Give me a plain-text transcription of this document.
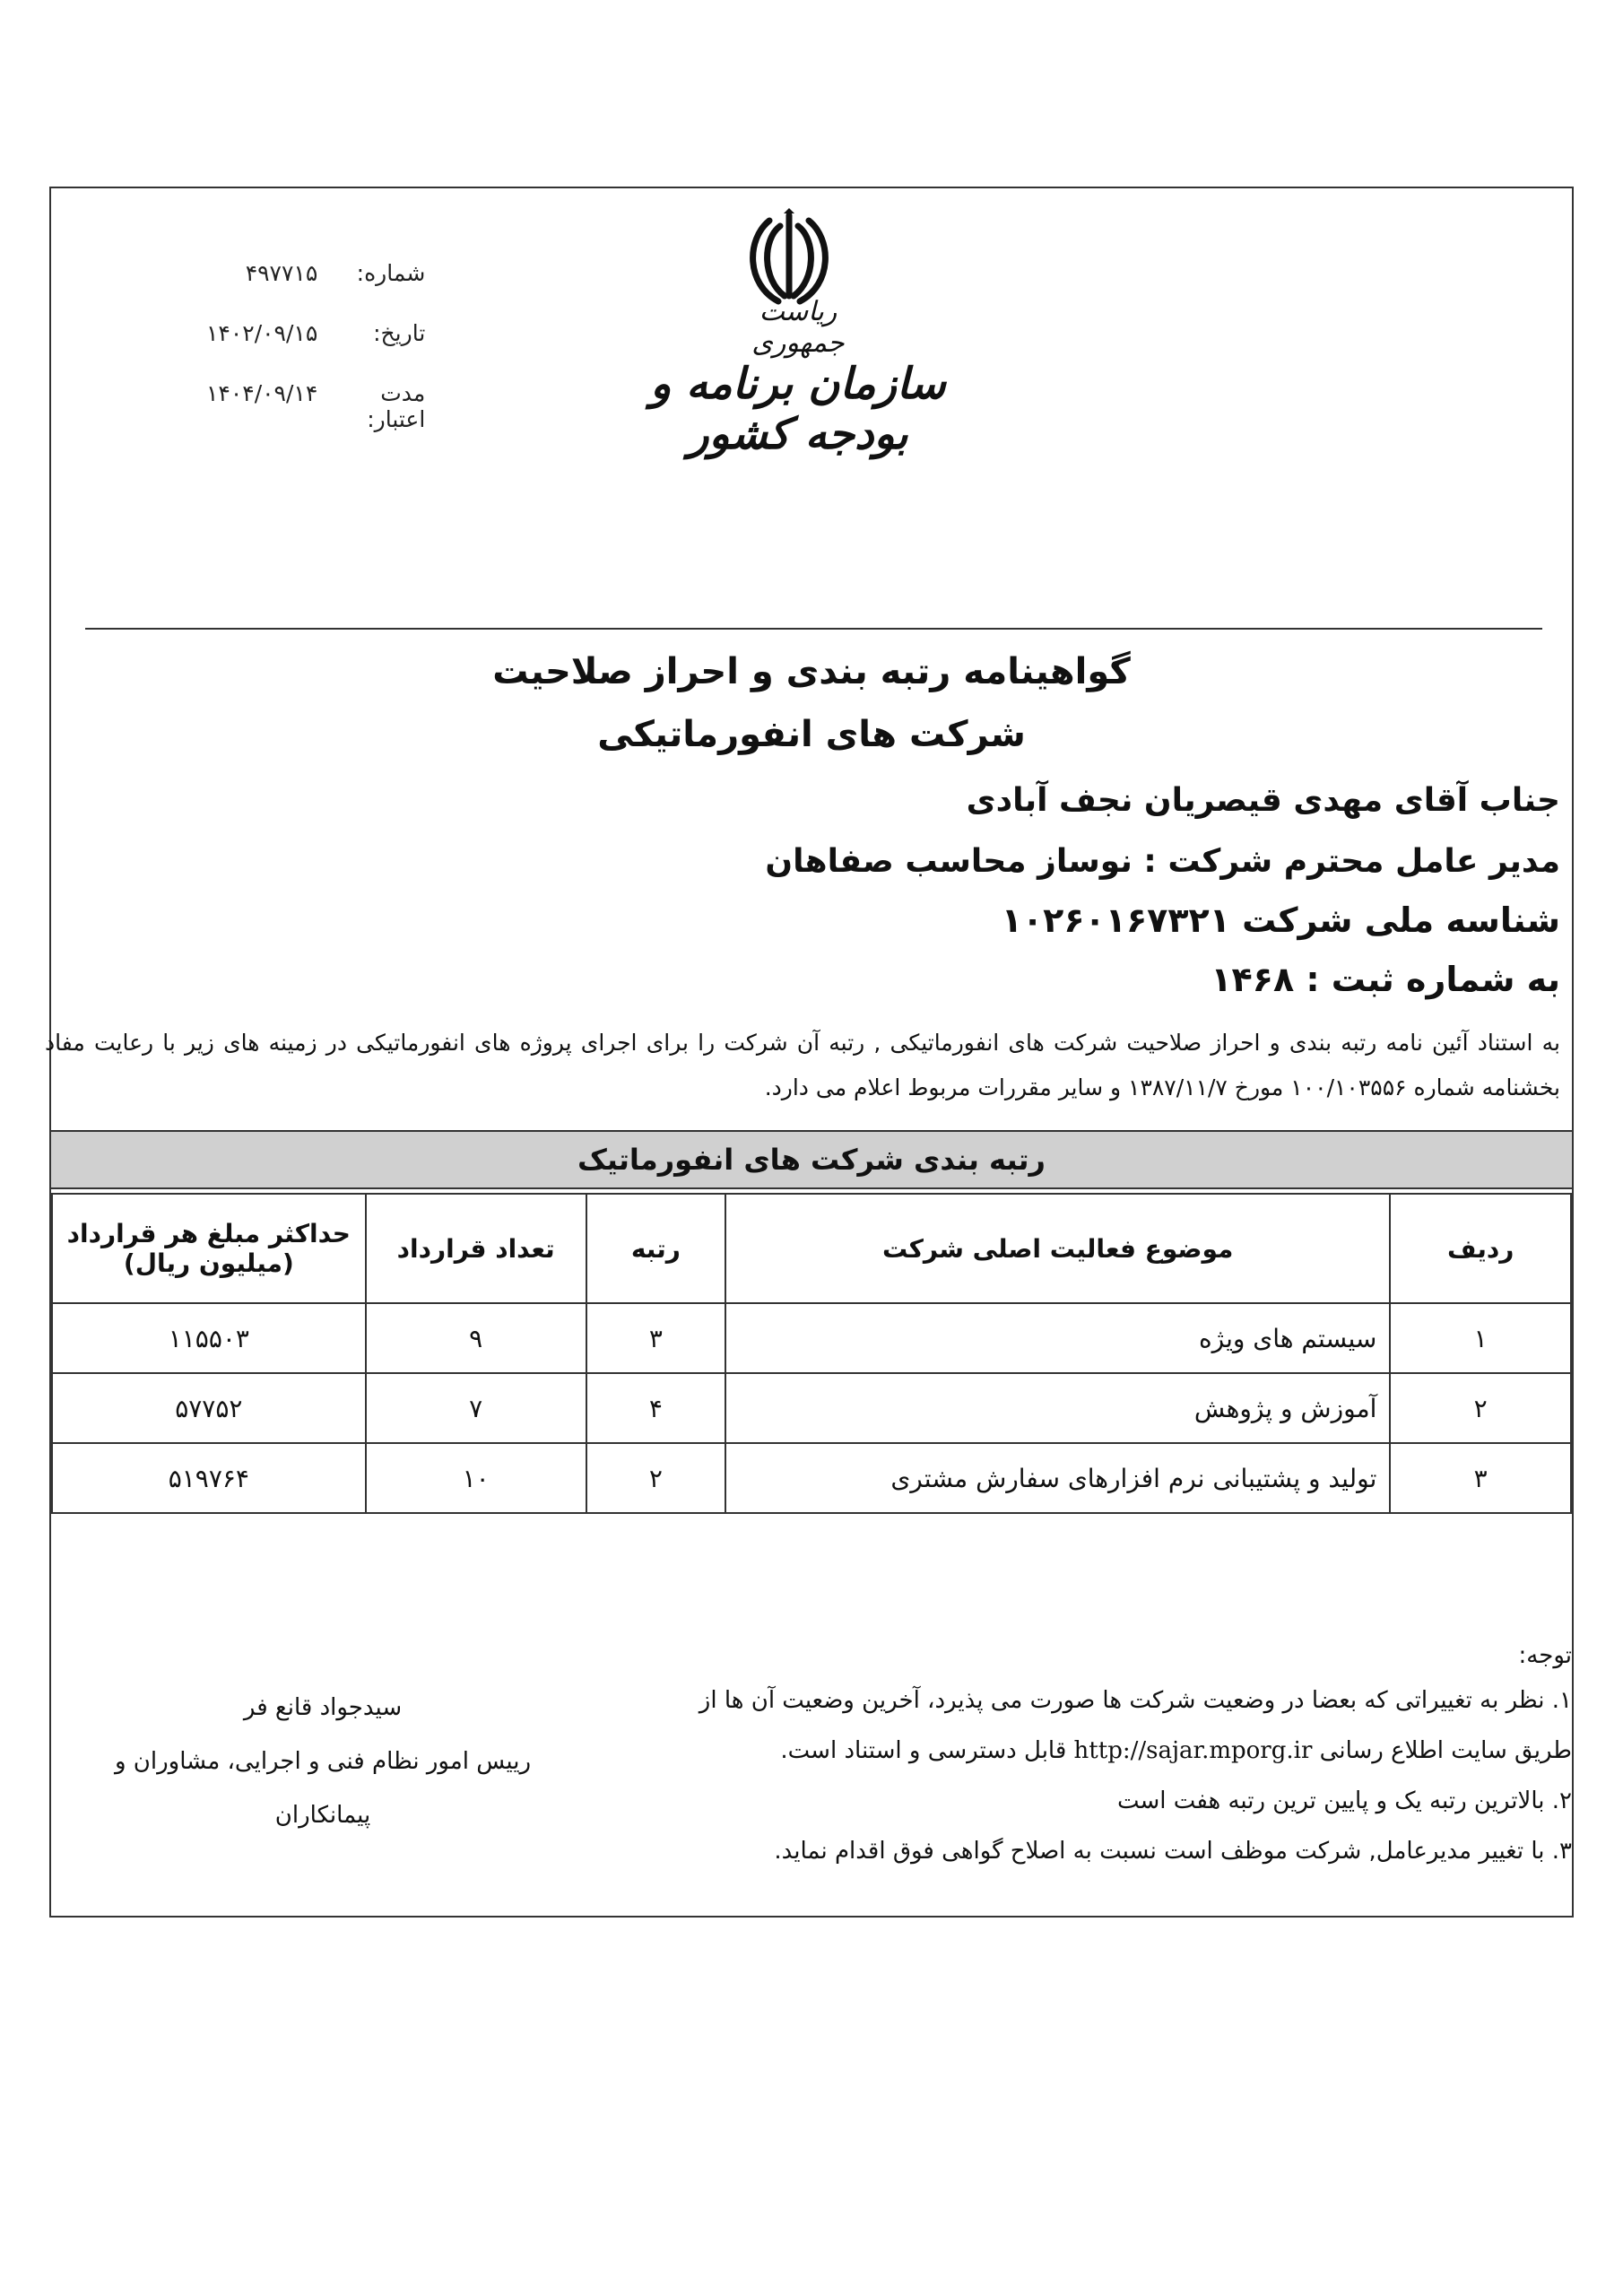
شماره:
۴۹۷۷۱۵
تاریخ:
۱۴۰۲/۰۹/۱۵
مدت اعتبار:
۱۴۰۴/۰۹/۱۴
ریاست جمهوری
سازمان برنامه و بودجه کشور
گواهینامه رتبه بندی و احراز صلاحیت
شرکت های انفورماتیکی
جناب آقای مهدی قیصریان نجف آبادی
مدیر عامل محترم شرکت : نوساز محاسب صفاهان
شناسه ملی شرکت ۱۰۲۶۰۱۶۷۳۲۱
به شماره ثبت : ۱۴۶۸
به استناد آئین نامه رتبه بندی و احراز صلاحیت شرکت های انفورماتیکی , رتبه آن شرکت را برای اجرای پروژه های انفورماتیکی در زمینه های زیر با رعایت مفاد بخشنامه شماره ۱۰۰/۱۰۳۵۵۶ مورخ ۱۳۸۷/۱۱/۷ و سایر مقررات مربوط اعلام می دارد.
رتبه بندی شرکت های انفورماتیک
ردیف	موضوع فعالیت اصلی شرکت	رتبه	تعداد قرارداد	حداکثر مبلغ هر قرارداد (میلیون ریال)
۱	سیستم های ویژه	۳	۹	۱۱۵۵۰۳
۲	آموزش و پژوهش	۴	۷	۵۷۷۵۲
۳	تولید و پشتیبانی نرم افزارهای سفارش مشتری	۲	۱۰	۵۱۹۷۶۴
توجه:
۱. نظر به تغییراتی که بعضا در وضعیت شرکت ها صورت می پذیرد، آخرین وضعیت آن ها از
طریق سایت اطلاع رسانی http://sajar.mporg.ir قابل دسترسی و استناد است.
۲. بالاترین رتبه یک و پایین ترین رتبه هفت است
۳. با تغییر مدیرعامل, شرکت موظف است نسبت به اصلاح گواهی فوق اقدام نماید.
سیدجواد قانع فر
رییس امور نظام فنی و اجرایی، مشاوران و
پیمانکاران
